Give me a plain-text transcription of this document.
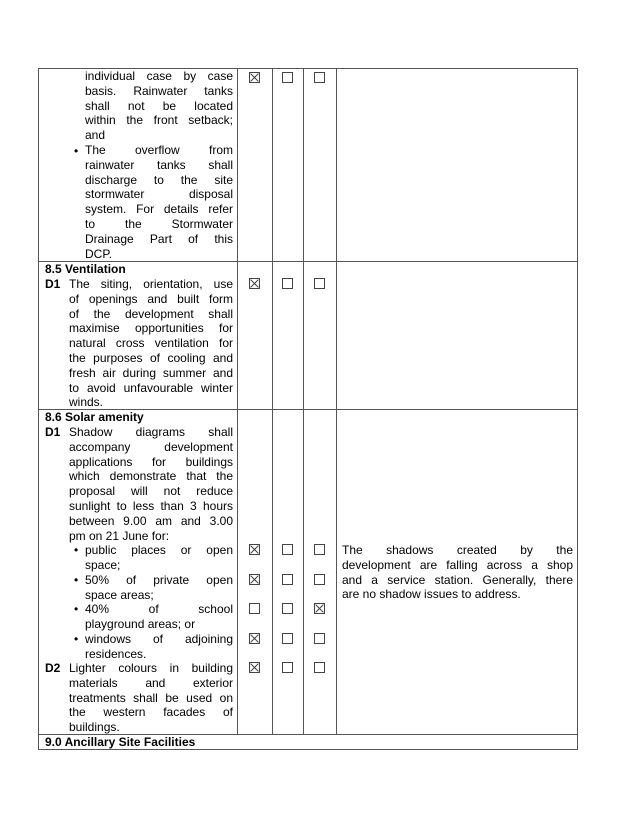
individual case by case
basis. Rainwater tanks
shall not be located
within the front setback;
and
The overflow from
rainwater tanks shall
discharge to the site
stormwater disposal
system. For details refer
to the Stormwater
Drainage Part of this
DCP.
•
8.5 Ventilation
D1 The siting, orientation, use
of openings and built form
of the development shall
maximise opportunities for
natural cross ventilation for
the purposes of cooling and
fresh air during summer and
to avoid unfavourable winter
winds.
8.6 Solar amenity
D1 Shadow diagrams shall
accompany development
applications for buildings
which demonstrate that the
proposal will not reduce
sunlight to less than 3 hours
between 9.00 am and 3.00
pm on 21 June for:
• public places or open
space;
• 50% of private open
space areas;
• 40% of school
playground areas; or
• windows of adjoining
residences.
D2 Lighter colours in building
materials and exterior
treatments shall be used on
the western facades of
buildings.
The shadows created by the
development are falling across a shop
and a service station. Generally, there
are no shadow issues to address.
9.0 Ancillary Site Facilities
